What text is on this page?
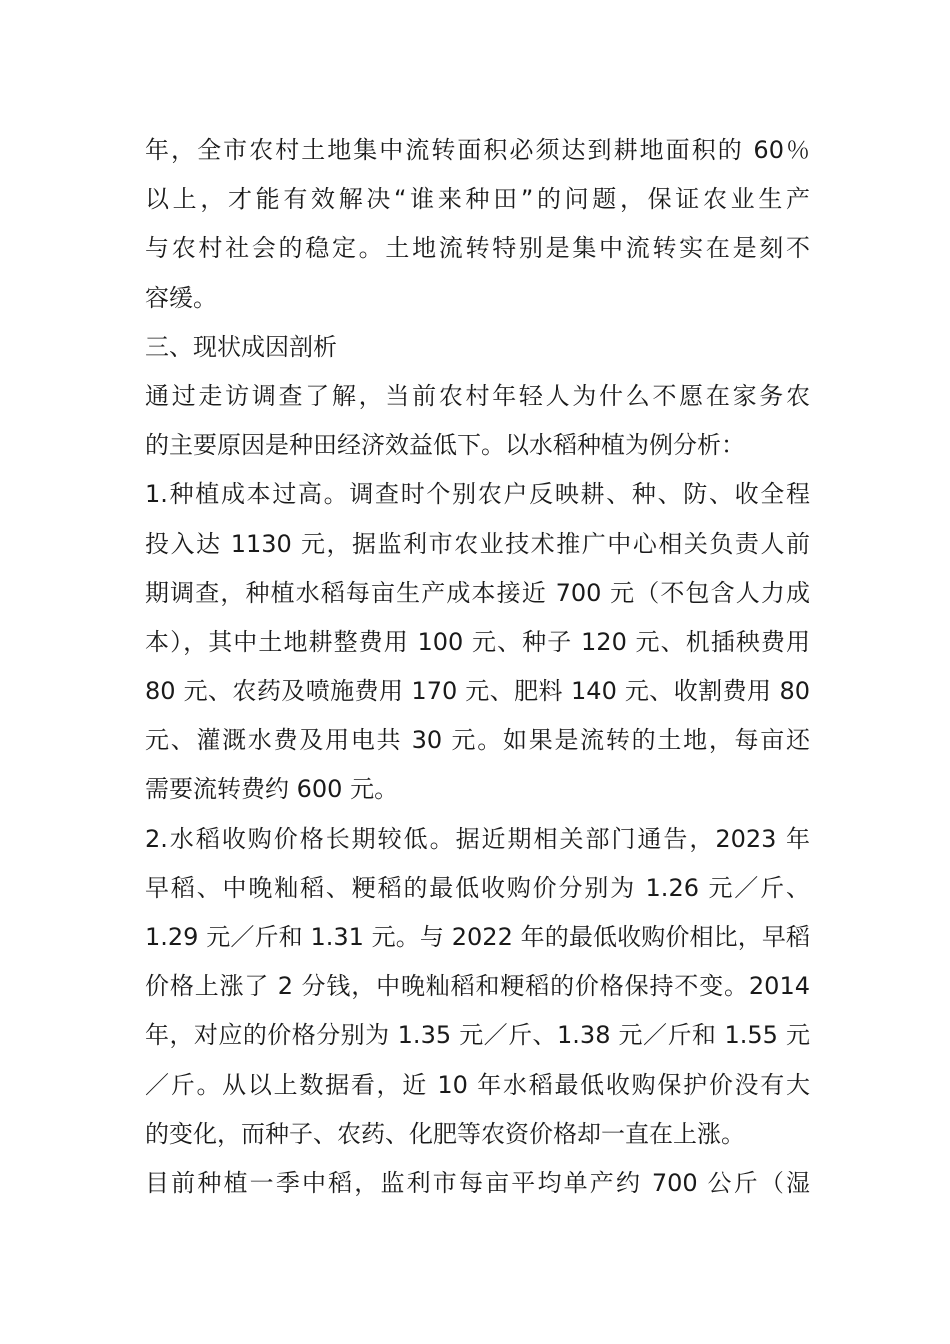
年，全市农村土地集中流转面积必须达到耕地面积的 60％
以上，才能有效解决“谁来种田”的问题，保证农业生产
与农村社会的稳定。土地流转特别是集中流转实在是刻不
容缓。
三、现状成因剖析
通过走访调查了解，当前农村年轻人为什么不愿在家务农
的主要原因是种田经济效益低下。以水稻种植为例分析：
1.种植成本过高。调查时个别农户反映耕、种、防、收全程
投入达 1130 元，据监利市农业技术推广中心相关负责人前
期调查，种植水稻每亩生产成本接近 700 元（不包含人力成
本），其中土地耕整费用 100 元、种子 120 元、机插秧费用
80 元、农药及喷施费用 170 元、肥料 140 元、收割费用 80
元、灌溉水费及用电共 30 元。如果是流转的土地，每亩还
需要流转费约 600 元。
2.水稻收购价格长期较低。据近期相关部门通告，2023 年
早稻、中晚籼稻、粳稻的最低收购价分别为 1.26 元／斤、
1.29 元／斤和 1.31 元。与 2022 年的最低收购价相比，早稻
价格上涨了 2 分钱，中晚籼稻和粳稻的价格保持不变。2014
年，对应的价格分别为 1.35 元／斤、1.38 元／斤和 1.55 元
／斤。从以上数据看，近 10 年水稻最低收购保护价没有大
的变化，而种子、农药、化肥等农资价格却一直在上涨。
目前种植一季中稻，监利市每亩平均单产约 700 公斤（湿
